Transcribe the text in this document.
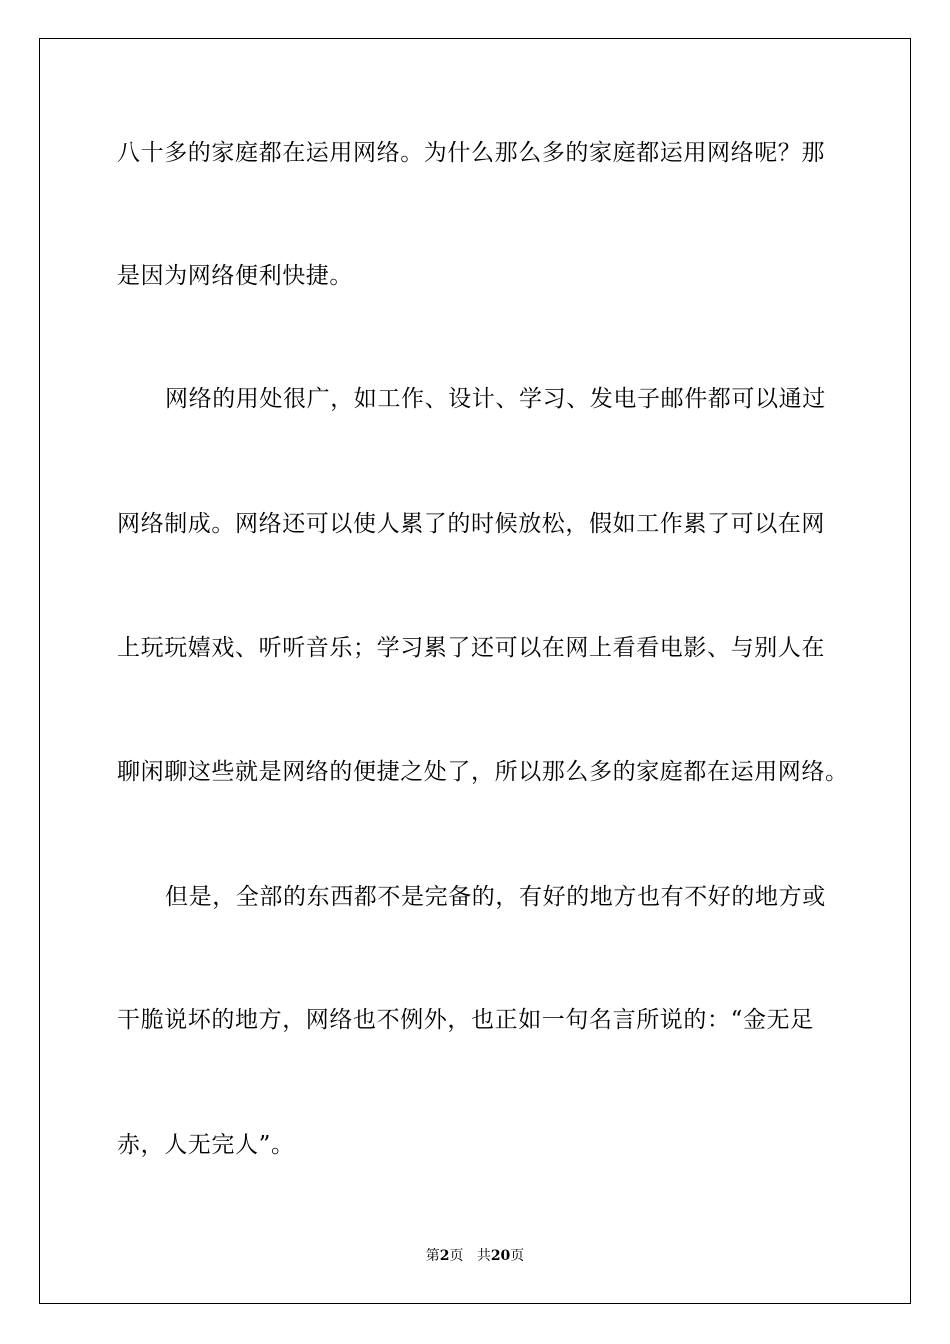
八十多的家庭都在运用网络。为什么那么多的家庭都运用网络呢？那
是因为网络便利快捷。
网络的用处很广，如工作、设计、学习、发电子邮件都可以通过
网络制成。网络还可以使人累了的时候放松，假如工作累了可以在网
上玩玩嬉戏、听听音乐；学习累了还可以在网上看看电影、与别人在
聊闲聊这些就是网络的便捷之处了，所以那么多的家庭都在运用网络。
但是，全部的东西都不是完备的，有好的地方也有不好的地方或
干脆说坏的地方，网络也不例外，也正如一句名言所说的：“金无足
赤，人无完人”。
第2页 共20页
